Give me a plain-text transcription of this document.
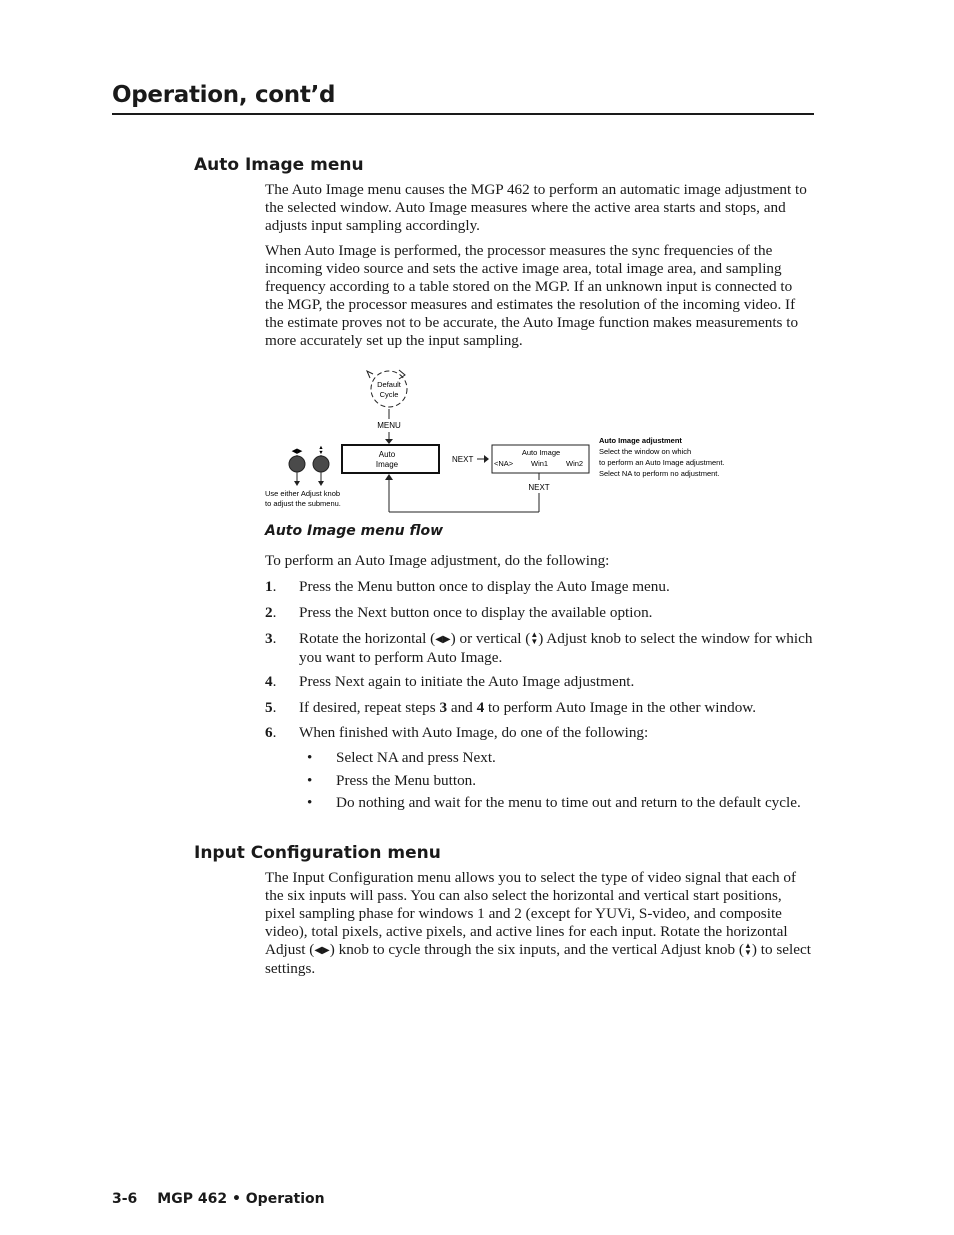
Operation, cont’d
Auto Image menu

The Auto Image menu causes the MGP 462 to perform an automatic image adjustment to the selected window. Auto Image measures where the active area starts and stops, and adjusts input sampling accordingly.

When Auto Image is performed, the processor measures the sync frequencies of the incoming video source and sets the active image area, total image area, and sampling frequency according to a table stored on the MGP. If an unknown input is connected to the MGP, the processor measures and estimates the resolution of the incoming video. If the estimate proves not to be accurate, the Auto Image function makes measurements to more accurately set up the input sampling.

Default
Cycle
MENU
Auto
Image
NEXT
Auto Image
<NA> Win1 Win2
NEXT
◀▶	▲
▼
Use either Adjust knob
to adjust the submenu.
Auto Image adjustment
Select the window on which
to perform an Auto Image adjustment.
Select NA to perform no adjustment.
Auto Image menu flow

To perform an Auto Image adjustment, do the following:

1. Press the Menu button once to display the Auto Image menu.
2. Press the Next button once to display the available option.
3. Rotate the horizontal (◀▶) or vertical (▲
▼) Adjust knob to select the window for which you want to perform Auto Image.
4. Press Next again to initiate the Auto Image adjustment.
5. If desired, repeat steps 3 and 4 to perform Auto Image in the other window.
6. When finished with Auto Image, do one of the following:
• Select NA and press Next.
• Press the Menu button.
• Do nothing and wait for the menu to time out and return to the default cycle.
Input Configuration menu

The Input Configuration menu allows you to select the type of video signal that each of the six inputs will pass. You can also select the horizontal and vertical start positions, pixel sampling phase for windows 1 and 2 (except for YUVi, S-video, and composite video), total pixels, active pixels, and active lines for each input. Rotate the horizontal Adjust (◀▶) knob to cycle through the six inputs, and the vertical Adjust knob (▲
▼) to select settings.

3-6 MGP 462 • Operation
